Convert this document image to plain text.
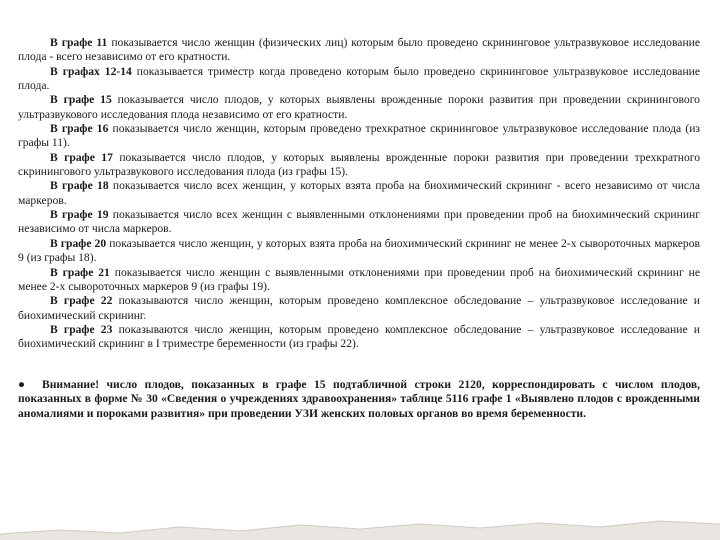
В графе 11 показывается число женщин (физических лиц) которым было проведено скрининговое ультразвуковое исследование плода - всего независимо от его кратности.

В графах 12-14 показывается триместр когда проведено которым было проведено скрининговое ультразвуковое исследование плода.

В графе 15 показывается число плодов, у которых выявлены врожденные пороки развития при проведении скринингового ультразвукового исследования плода независимо от его кратности.

В графе 16 показывается число женщин, которым проведено трехкратное скрининговое ультразвуковое исследование плода (из графы 11).

В графе 17 показывается число плодов, у которых выявлены врожденные пороки развития при проведении трехкратного скринингового ультразвукового исследования плода (из графы 15).

В графе 18 показывается число всех женщин, у которых взята проба на биохимический скрининг - всего независимо от числа маркеров.

В графе 19 показывается число всех женщин с выявленными отклонениями при проведении проб на биохимический скрининг независимо от числа маркеров.

В графе 20 показывается число женщин, у которых взята проба на биохимический скрининг не менее 2-х сывороточных маркеров 9 (из графы 18).

В графе 21 показывается число женщин с выявленными отклонениями при проведении проб на биохимический скрининг не менее 2-х сывороточных маркеров 9 (из графы 19).

В графе 22 показываются число женщин, которым проведено комплексное обследование – ультразвуковое исследование и биохимический скрининг.

В графе 23 показываются число женщин, которым проведено комплексное обследование – ультразвуковое исследование и биохимический скрининг в I триместре беременности (из графы 22).

● Внимание! число плодов, показанных в графе 15 подтабличной строки 2120, корреспондировать с числом плодов, показанных в форме № 30 «Сведения о учреждениях здравоохранения» таблице 5116 графе 1 «Выявлено плодов с врожденными аномалиями и пороками развития» при проведении УЗИ женских половых органов во время беременности.
